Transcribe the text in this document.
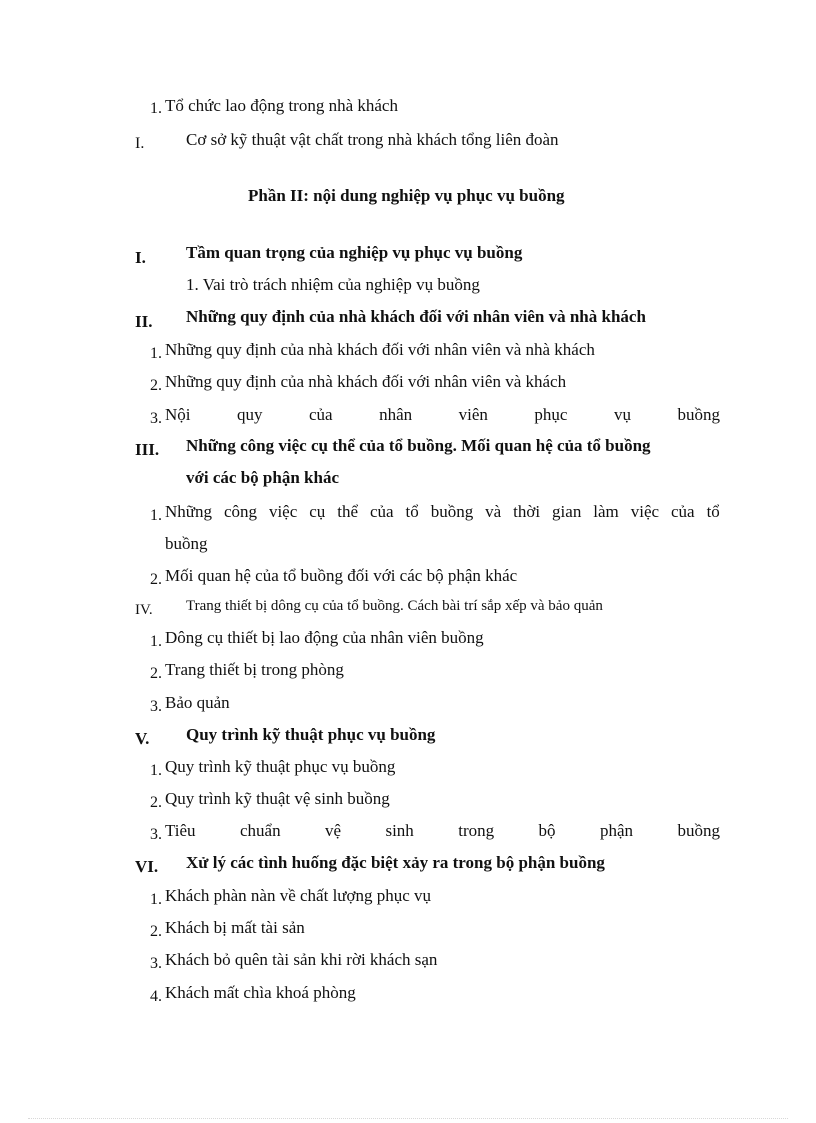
1. Tổ chức lao động trong nhà khách
I. Cơ sở kỹ thuật vật chất trong nhà khách tổng liên đoàn
Phần II: nội dung nghiệp vụ phục vụ buồng
I. Tầm quan trọng của nghiệp vụ phục vụ buồng
1. Vai trò trách nhiệm của nghiệp vụ buồng
II. Những quy định của nhà khách đối với nhân viên và nhà khách
1. Những quy định của nhà khách đối với nhân viên và nhà khách
2. Những quy định của nhà khách đối với nhân viên và khách
3. Nội	quy	của	nhân	viên	phục	vụ	buồng
III. Những công việc cụ thể của tổ buồng. Mối quan hệ của tổ buồng
với các bộ phận khác
1. Những công việc cụ thể của tổ buồng và thời gian làm việc của tổ
buồng
2. Mối quan hệ của tổ buồng đối với các bộ phận khác
IV. Trang thiết bị dông cụ của tổ buồng. Cách bài trí sắp xếp và bảo quản
1. Dông cụ thiết bị lao động của nhân viên buồng
2. Trang thiết bị trong phòng
3. Bảo quản
V. Quy trình kỹ thuật phục vụ buồng
1. Quy trình kỹ thuật phục vụ buồng
2. Quy trình kỹ thuật vệ sinh buồng
3. Tiêu	chuẩn	vệ	sinh	trong	bộ	phận	buồng
VI. Xử lý các tình huống đặc biệt xảy ra trong bộ phận buồng
1. Khách phàn nàn về chất lượng phục vụ
2. Khách bị mất tài sản
3. Khách bỏ quên tài sản khi rời khách sạn
4. Khách mất chìa khoá phòng
